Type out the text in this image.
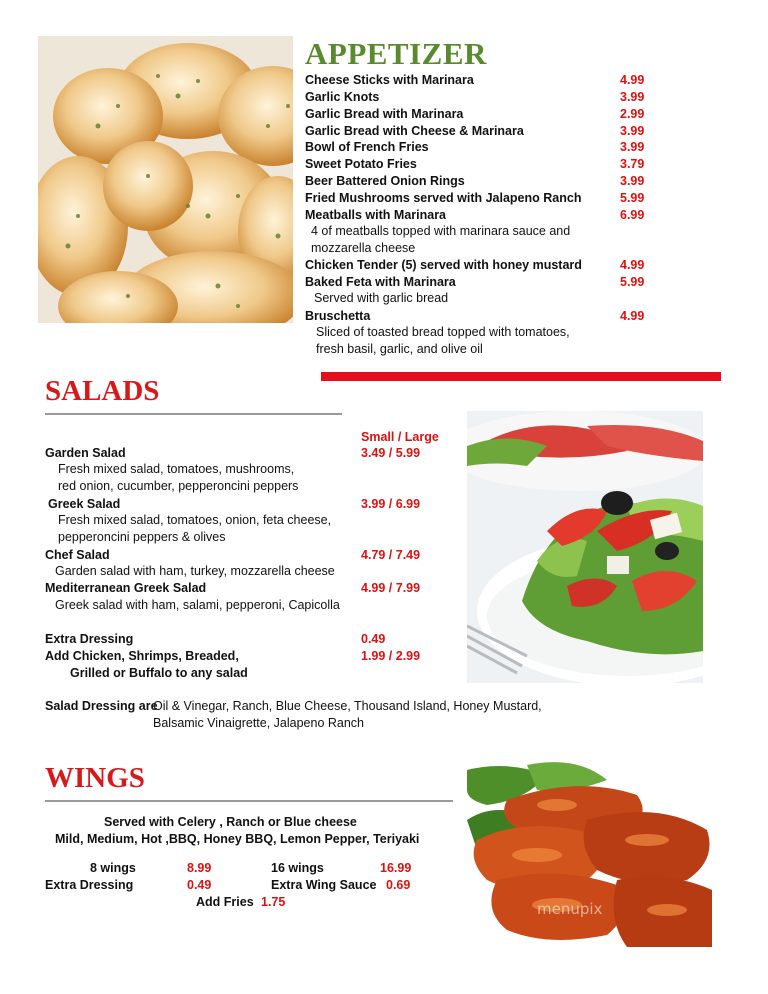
APPETIZER
Cheese Sticks with Marinara	4.99
Garlic Knots	3.99
Garlic Bread with Marinara	2.99
Garlic Bread with Cheese & Marinara	3.99
Bowl of French Fries	3.99
Sweet Potato Fries	3.79
Beer Battered Onion Rings	3.99
Fried Mushrooms served with Jalapeno Ranch	5.99
Meatballs with Marinara	6.99
4 of meatballs topped with marinara sauce and
mozzarella cheese
Chicken Tender (5) served with honey mustard	4.99
Baked Feta with Marinara	5.99
Served with garlic bread
Bruschetta	4.99
Sliced of toasted bread topped with tomatoes,
fresh basil, garlic, and olive oil
SALADS
Small / Large
Garden Salad	3.49 / 5.99
Fresh mixed salad, tomatoes, mushrooms,
red onion, cucumber, pepperoncini peppers
Greek Salad	3.99 / 6.99
Fresh mixed salad, tomatoes, onion, feta cheese,
pepperoncini peppers & olives
Chef Salad	4.79 / 7.49
Garden salad with ham, turkey, mozzarella cheese
Mediterranean Greek Salad	4.99 / 7.99
Greek salad with ham, salami, pepperoni, Capicolla
Extra Dressing	0.49
Add Chicken, Shrimps, Breaded,	1.99 / 2.99
Grilled or Buffalo to any salad
Salad Dressing are
Oil & Vinegar, Ranch, Blue Cheese, Thousand Island, Honey Mustard,
Balsamic Vinaigrette, Jalapeno Ranch
WINGS
Served with Celery , Ranch or Blue cheese
Mild, Medium, Hot ,BBQ, Honey BBQ, Lemon Pepper, Teriyaki
8 wings	8.99	16 wings	16.99
Extra Dressing	0.49	Extra Wing Sauce 0.69
Add Fries 1.75	menupix
